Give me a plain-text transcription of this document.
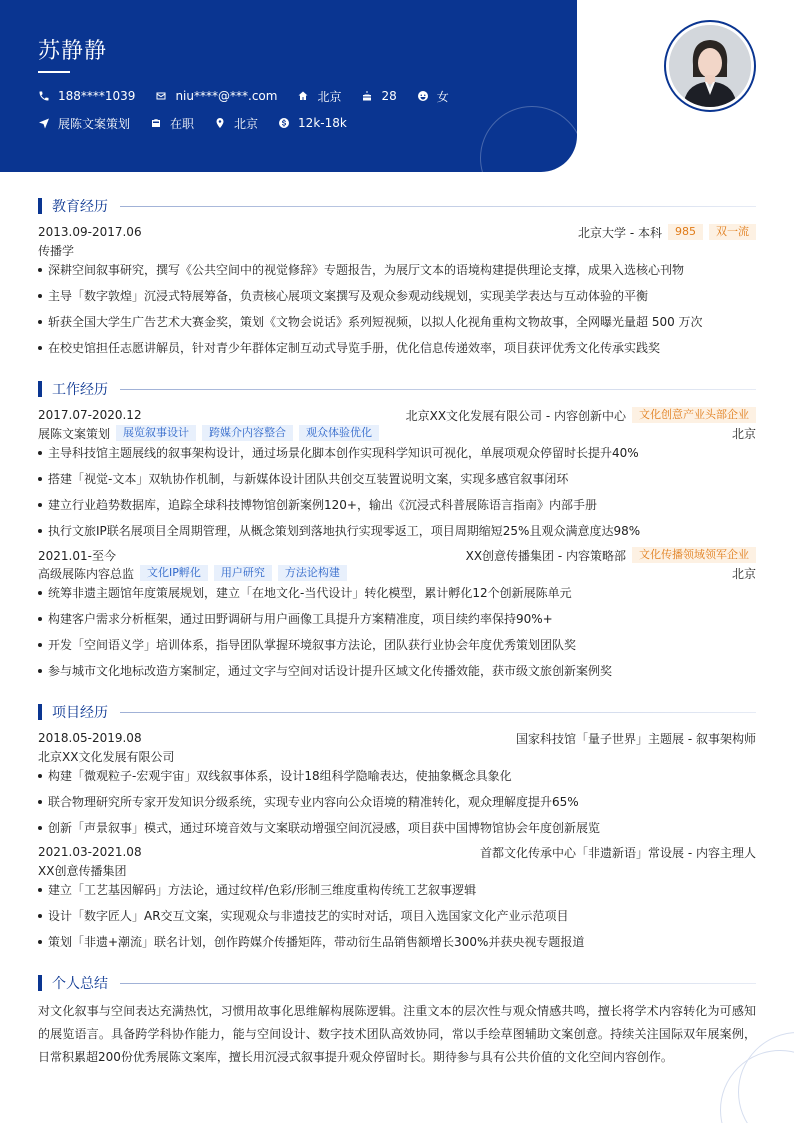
苏静静
188****1039	niu****@***.com	北京	28	女
展陈文案策划	在职	北京	12k-18k
教育经历
2013.09-2017.06	北京大学 - 本科	985	双一流
传播学
深耕空间叙事研究，撰写《公共空间中的视觉修辞》专题报告，为展厅文本的语境构建提供理论支撑，成果入选核心刊物
主导「数字敦煌」沉浸式特展筹备，负责核心展项文案撰写及观众参观动线规划，实现美学表达与互动体验的平衡
斩获全国大学生广告艺术大赛金奖，策划《文物会说话》系列短视频，以拟人化视角重构文物故事，全网曝光量超 500 万次
在校史馆担任志愿讲解员，针对青少年群体定制互动式导览手册，优化信息传递效率，项目获评优秀文化传承实践奖
工作经历
2017.07-2020.12	北京XX文化发展有限公司 - 内容创新中心	文化创意产业头部企业
展陈文案策划	展览叙事设计	跨媒介内容整合	观众体验优化	北京
主导科技馆主题展线的叙事架构设计，通过场景化脚本创作实现科学知识可视化，单展项观众停留时长提升40%
搭建「视觉-文本」双轨协作机制，与新媒体设计团队共创交互装置说明文案，实现多感官叙事闭环
建立行业趋势数据库，追踪全球科技博物馆创新案例120+，输出《沉浸式科普展陈语言指南》内部手册
执行文旅IP联名展项目全周期管理，从概念策划到落地执行实现零返工，项目周期缩短25%且观众满意度达98%
2021.01-至今	XX创意传播集团 - 内容策略部	文化传播领域领军企业
高级展陈内容总监	文化IP孵化	用户研究	方法论构建	北京
统筹非遗主题馆年度策展规划，建立「在地文化-当代设计」转化模型，累计孵化12个创新展陈单元
构建客户需求分析框架，通过田野调研与用户画像工具提升方案精准度，项目续约率保持90%+
开发「空间语义学」培训体系，指导团队掌握环境叙事方法论，团队获行业协会年度优秀策划团队奖
参与城市文化地标改造方案制定，通过文字与空间对话设计提升区域文化传播效能，获市级文旅创新案例奖
项目经历
2018.05-2019.08	国家科技馆「量子世界」主题展 - 叙事架构师
北京XX文化发展有限公司
构建「微观粒子-宏观宇宙」双线叙事体系，设计18组科学隐喻表达，使抽象概念具象化
联合物理研究所专家开发知识分级系统，实现专业内容向公众语境的精准转化，观众理解度提升65%
创新「声景叙事」模式，通过环境音效与文案联动增强空间沉浸感，项目获中国博物馆协会年度创新展览
2021.03-2021.08	首都文化传承中心「非遗新语」常设展 - 内容主理人
XX创意传播集团
建立「工艺基因解码」方法论，通过纹样/色彩/形制三维度重构传统工艺叙事逻辑
设计「数字匠人」AR交互文案，实现观众与非遗技艺的实时对话，项目入选国家文化产业示范项目
策划「非遗+潮流」联名计划，创作跨媒介传播矩阵，带动衍生品销售额增长300%并获央视专题报道
个人总结
对文化叙事与空间表达充满热忱，习惯用故事化思维解构展陈逻辑。注重文本的层次性与观众情感共鸣，擅长将学术内容转化为可感知的展览语言。具备跨学科协作能力，能与空间设计、数字技术团队高效协同，常以手绘草图辅助文案创意。持续关注国际双年展案例，日常积累超200份优秀展陈文案库，擅长用沉浸式叙事提升观众停留时长。期待参与具有公共价值的文化空间内容创作。
